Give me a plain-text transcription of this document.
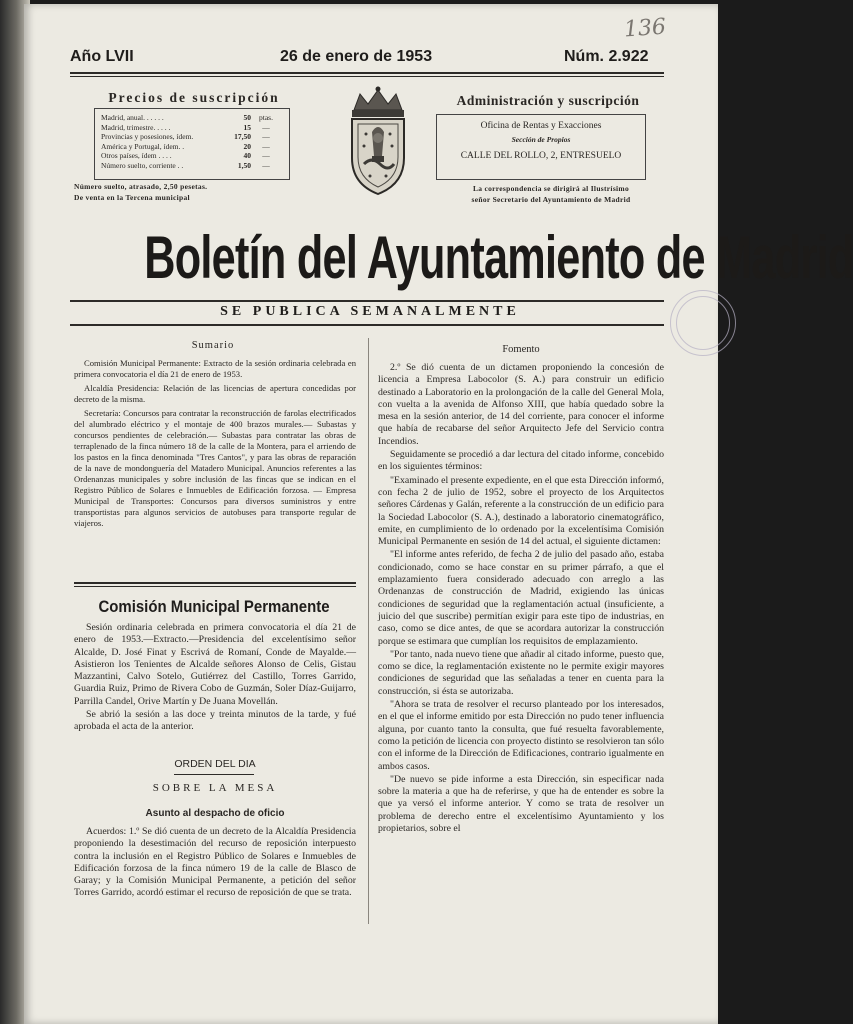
136
Año LVII	26 de enero de 1953	Núm. 2.922
Precios de suscripción
Madrid, anual. . . . . .	50	ptas.
Madrid, trimestre. . . . .	15	—
Provincias y posesiones, ídem.	17,50	—
América y Portugal, ídem. .	20	—
Otros países, ídem . . . .	40	—
Número suelto, corriente . .	1,50	—
Número suelto, atrasado, 2,50 pesetas.
De venta en la Tercena municipal
Administración y suscripción
Oficina de Rentas y Exacciones
Sección de Propios
CALLE DEL ROLLO, 2, ENTRESUELO
La correspondencia se dirigirá al Ilustrísimo
señor Secretario del Ayuntamiento de Madrid
Boletín del Ayuntamiento de Madrid
SE PUBLICA SEMANALMENTE
Sumario

Comisión Municipal Permanente: Extracto de la sesión ordinaria celebrada en primera convocatoria el día 21 de enero de 1953.

Alcaldía Presidencia: Relación de las licencias de apertura concedidas por decreto de la misma.

Secretaría: Concursos para contratar la reconstrucción de farolas electrificados del alumbrado eléctrico y el montaje de 400 brazos murales.— Subastas y concursos pendientes de celebración.— Subastas para contratar las obras de terraplenado de la finca número 18 de la calle de la Montera, para el arriendo de los pastos en la finca denominada "Tres Cantos", y para las obras de reparación de la nave de mondonguería del Matadero Municipal. Anuncios referentes a las Ordenanzas municipales y sobre inclusión de las fincas que se indican en el Registro Público de Solares e Inmuebles de Edificación forzosa. — Empresa Municipal de Transportes: Concursos para diversos suministros y entre transportistas para algunos servicios de autobuses para transporte regular de viajeros.

Comisión Municipal Permanente

Sesión ordinaria celebrada en primera convocatoria el día 21 de enero de 1953.—Extracto.—Presidencia del excelentísimo señor Alcalde, D. José Finat y Escrivá de Romaní, Conde de Mayalde.—Asistieron los Tenientes de Alcalde señores Alonso de Celis, Gistau Mazzantini, Calvo Sotelo, Gutiérrez del Castillo, Torres Garrido, Guardia Ruiz, Primo de Rivera Cobo de Guzmán, Soler Díaz-Guijarro, Parrilla Candel, Orive Martín y De Juana Movellán.

Se abrió la sesión a las doce y treinta minutos de la tarde, y fué aprobada el acta de la anterior.

ORDEN DEL DIA
SOBRE LA MESA
Asunto al despacho de oficio

Acuerdos: 1.º Se dió cuenta de un decreto de la Alcaldía Presidencia proponiendo la desestimación del recurso de reposición interpuesto contra la inclusión en el Registro Público de Solares e Inmuebles de Edificación forzosa de la finca número 19 de la calle de Blasco de Garay; y la Comisión Municipal Permanente, a petición del señor Torres Garrido, acordó estimar el recurso de reposición de que se trata.

Fomento

2.º Se dió cuenta de un dictamen proponiendo la concesión de licencia a Empresa Labocolor (S. A.) para construir un edificio destinado a Laboratorio en la prolongación de la calle del General Mola, con vuelta a la avenida de Alfonso XIII, que había quedado sobre la mesa en la sesión anterior, de 14 del corriente, para conocer el informe que había de recabarse del señor Arquitecto Jefe del Servicio contra Incendios.

Seguidamente se procedió a dar lectura del citado informe, concebido en los siguientes términos:

"Examinado el presente expediente, en el que esta Dirección informó, con fecha 2 de julio de 1952, sobre el proyecto de los Arquitectos señores Cárdenas y Galán, referente a la construcción de un edificio para la Sociedad Labocolor (S. A.), destinado a laboratorio cinematográfico, emite, en cumplimiento de lo ordenado por la excelentísima Comisión Municipal Permanente en sesión de 14 del actual, el siguiente dictamen:

"El informe antes referido, de fecha 2 de julio del pasado año, estaba condicionado, como se hace constar en su primer párrafo, a que el emplazamiento fuera considerado adecuado con arreglo a las Ordenanzas de construcción de Madrid, exigiendo las únicas condiciones de seguridad que la reglamentación actual (insuficiente, a juicio del que suscribe) permitían exigir para este tipo de industrias, en caso, como se dice antes, de que se acordara autorizar la construcción porque se estimara que cumplían los requisitos de emplazamiento.

"Por tanto, nada nuevo tiene que añadir al citado informe, puesto que, como se dice, la reglamentación existente no le permite exigir mayores condiciones de seguridad que las señaladas a tener en cuenta para la construcción, si ésta se autorizaba.

"Ahora se trata de resolver el recurso planteado por los interesados, en el que el informe emitido por esta Dirección no pudo tener influencia alguna, por cuanto tanto la consulta, que fué resuelta favorablemente, como la petición de licencia con proyecto distinto se resolvieron tan sólo con el informe de la Dirección de Edificaciones, contrario igualmente en ambos casos.

"De nuevo se pide informe a esta Dirección, sin especificar nada sobre la materia a que ha de referirse, y que ha de entender es sobre la que ya versó el informe anterior. Y como se trata de resolver un problema de derecho entre el excelentísimo Ayuntamiento y los propietarios, sobre el
